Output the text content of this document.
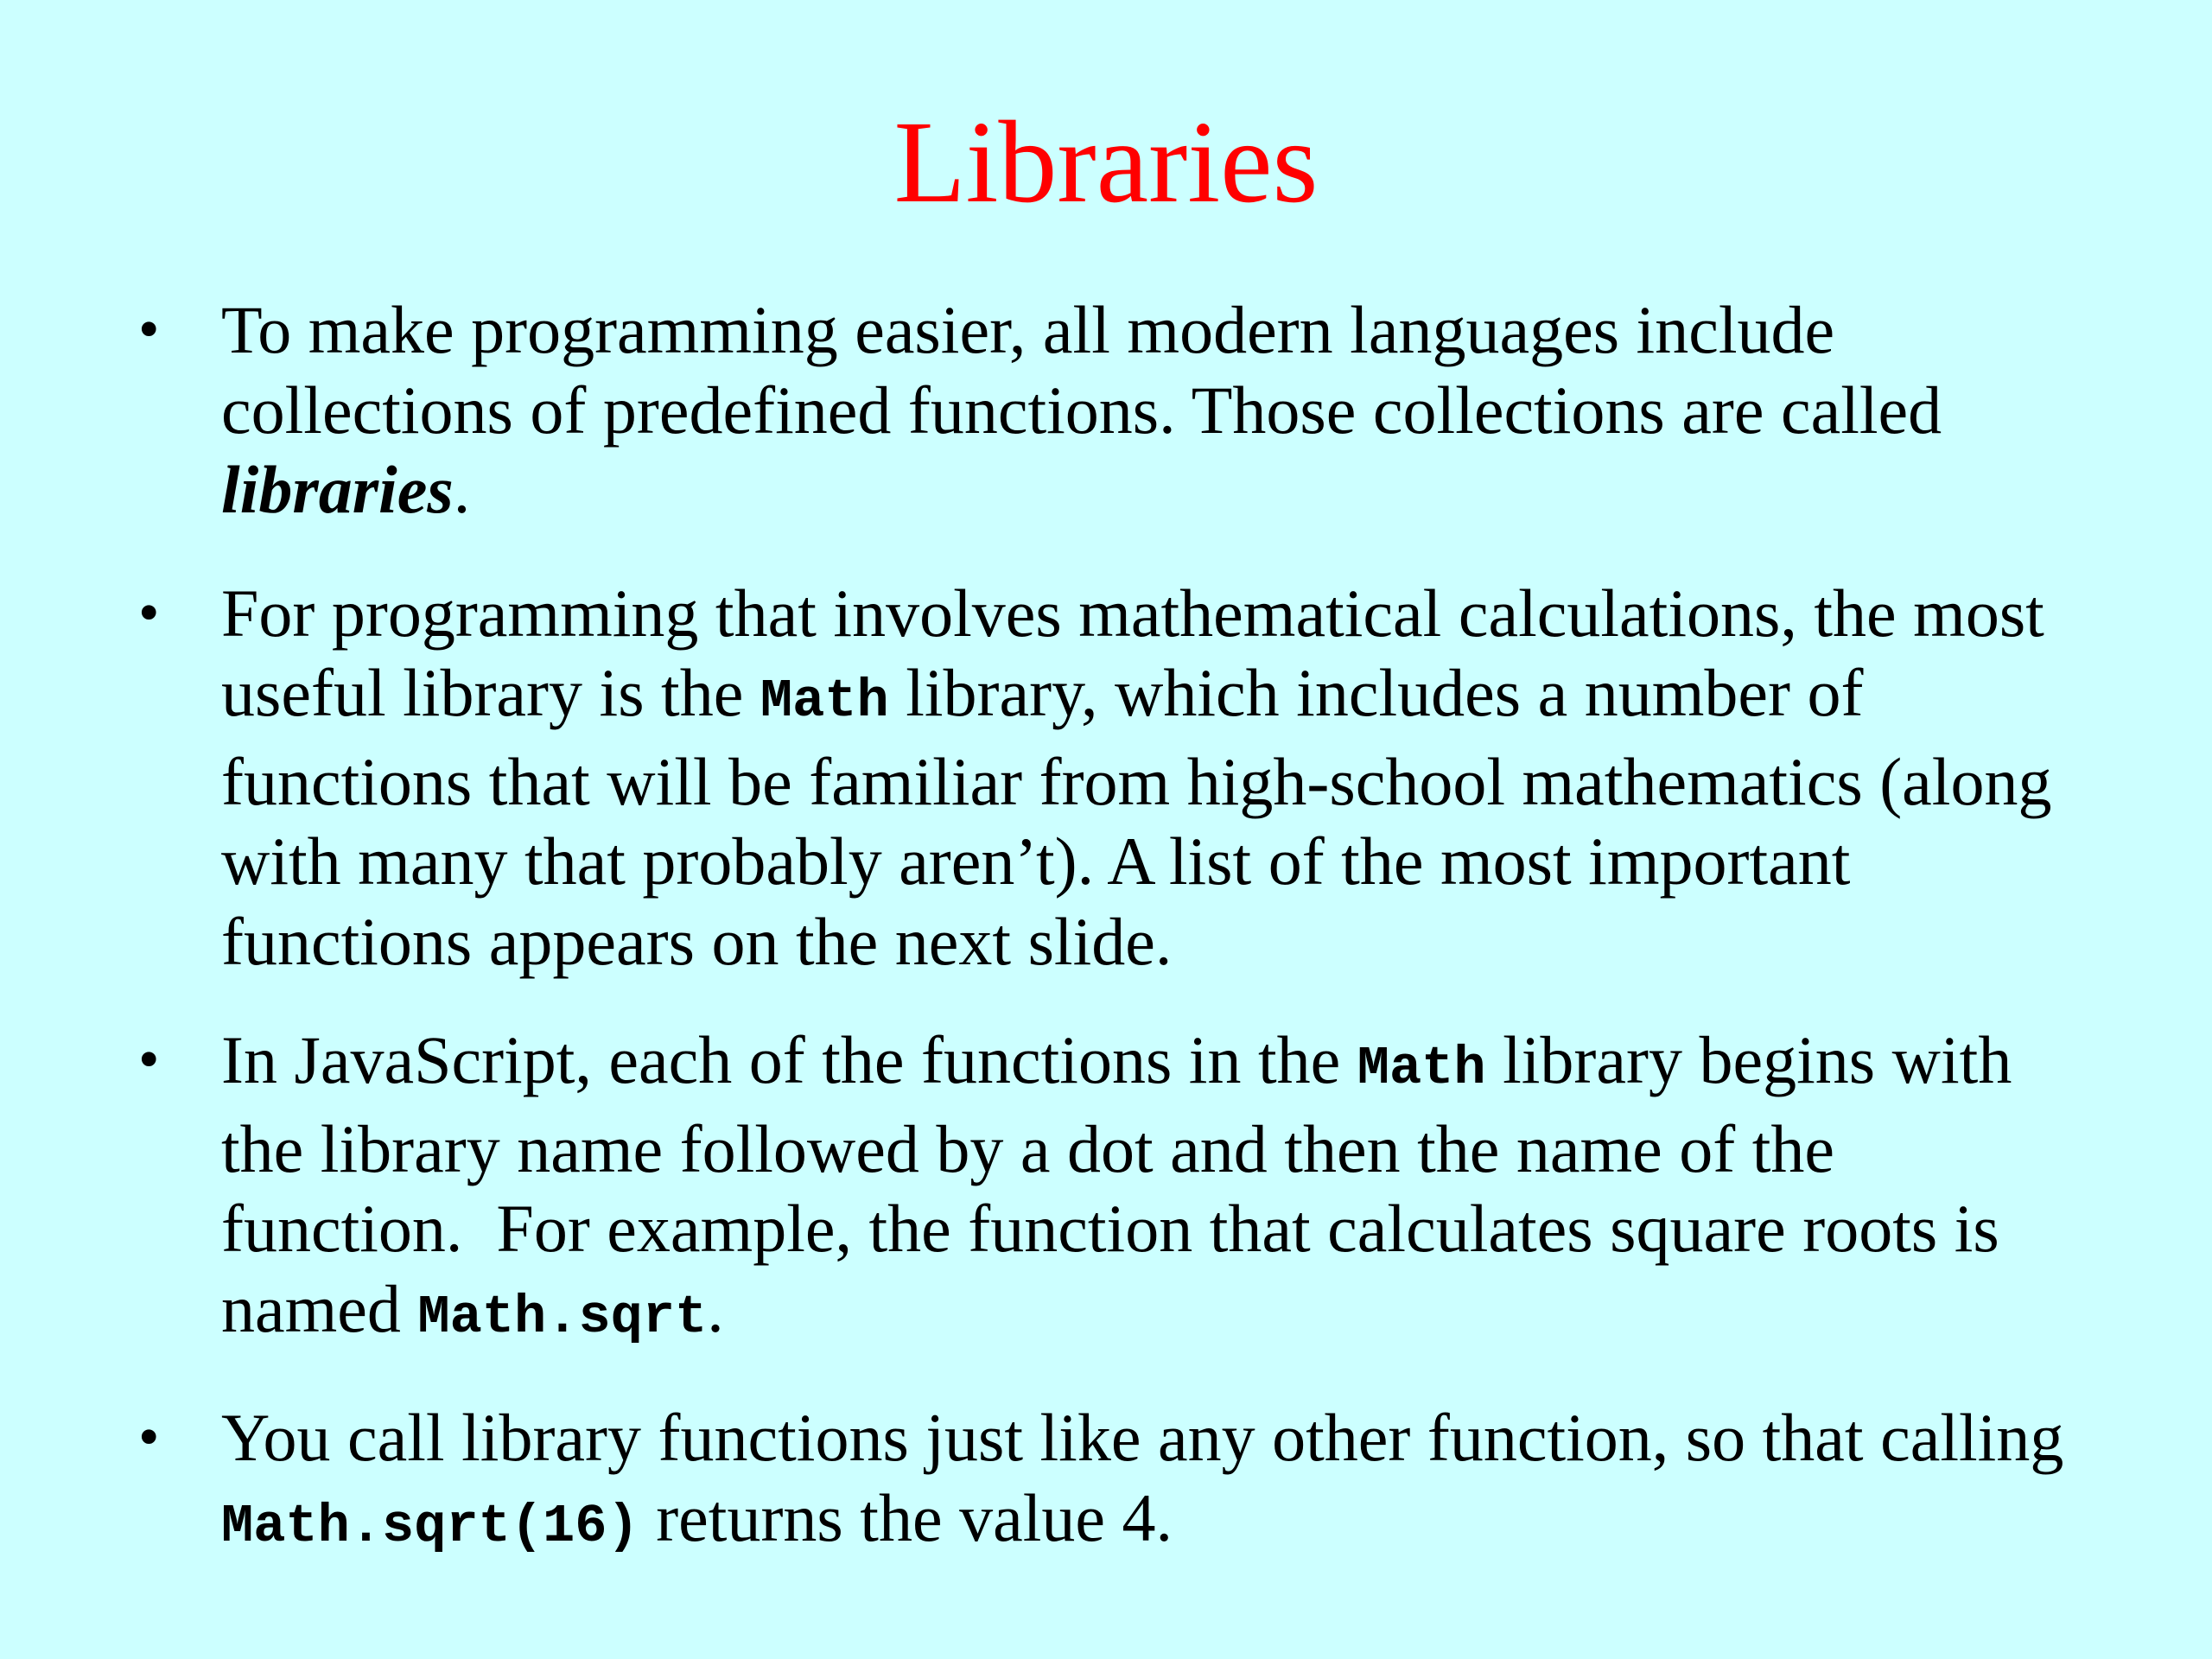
Libraries
• To make programming easier, all modern languages include collections of predefined functions. Those collections are called libraries.
• For programming that involves mathematical calculations, the most useful library is the Math library, which includes a number of functions that will be familiar from high-school mathematics (along with many that probably aren’t). A list of the most important functions appears on the next slide.
• In JavaScript, each of the functions in the Math library begins with the library name followed by a dot and then the name of the function.  For example, the function that calculates square roots is named Math.sqrt.
• You call library functions just like any other function, so that calling Math.sqrt(16) returns the value 4.
